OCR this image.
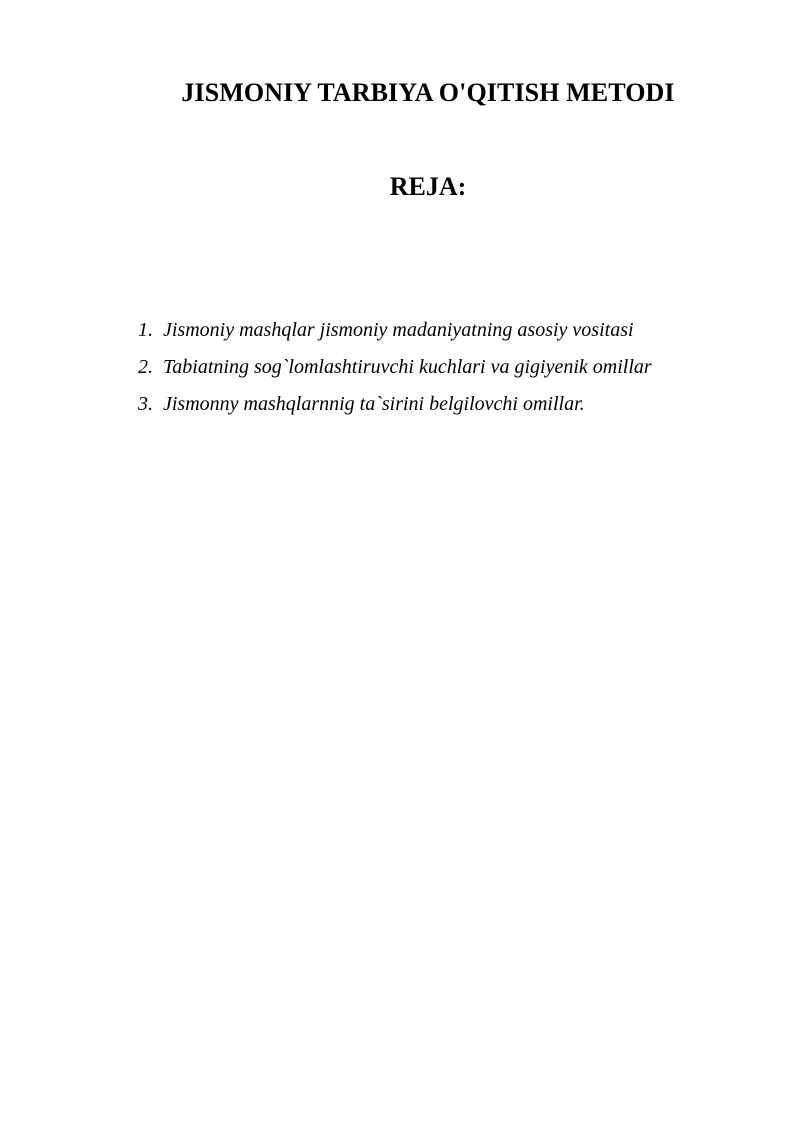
JISMONIY TARBIYA O'QITISH METODI
REJA:
1. Jismoniy mashqlar jismoniy madaniyatning asosiy vositasi
2. Tabiatning sog`lomlashtiruvchi kuchlari va gigiyenik omillar
3. Jismonny mashqlarnnig ta`sirini belgilovchi omillar.
